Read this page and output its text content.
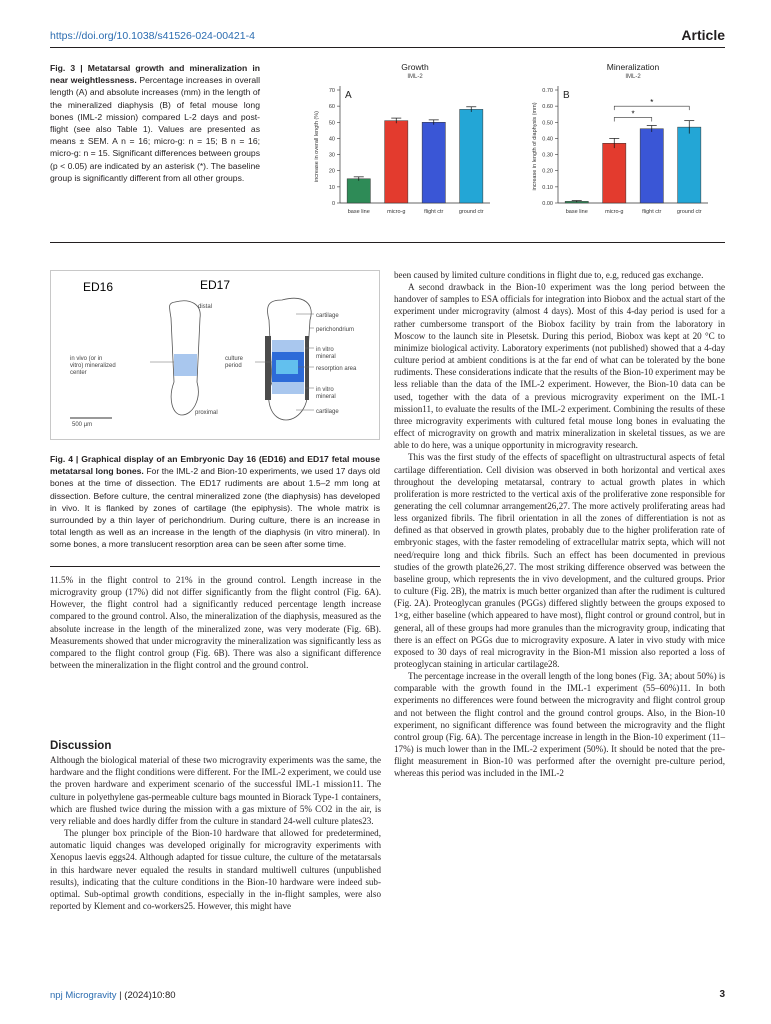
https://doi.org/10.1038/s41526-024-00421-4	Article
Fig. 3 | Metatarsal growth and mineralization in near weightlessness. Percentage increases in overall length (A) and absolute increases (mm) in the length of the mineralized diaphysis (B) of fetal mouse long bones (IML-2 mission) compared L-2 days and post-flight (see also Table 1). Values are presented as means ± SEM. A n = 16; micro-g: n = 15; B n = 16; micro-g: n = 15. Significant differences between groups (p < 0.05) are indicated by an asterisk (*). The baseline group is significantly different from all other groups.
Growth
IML-2
increase in overall length (%)
0
10
20
30
40
50
60
70 A
base line	micro-g	flight ctr	ground ctr
Mineralization
IML-2
increase in length of diaphysis (mm)
0.00
0.10
0.20
0.30
0.40
0.50
0.60
0.70 B
base line	micro-g	flight ctr	ground ctr
*
*
ED16	ED17
distal
proximal
cartilage
perichondrium
in vitro mineral
resorption area
in vitro mineral
cartilage
in vivo (or in vitro) mineralized center
culture period
500 µm
Fig. 4 | Graphical display of an Embryonic Day 16 (ED16) and ED17 fetal mouse metatarsal long bones. For the IML-2 and Bion-10 experiments, we used 17 days old bones at the time of dissection. The ED17 rudiments are about 1.5–2 mm long at dissection. Before culture, the central mineralized zone (the diaphysis) has developed in vivo. It is flanked by zones of cartilage (the epiphysis). The whole matrix is surrounded by a thin layer of perichondrium. During culture, there is an increase in total length as well as an increase in the length of the diaphysis (in vitro mineral). In some bones, a more translucent resorption area can be seen after some time.

11.5% in the flight control to 21% in the ground control. Length increase in the microgravity group (17%) did not differ significantly from the flight control (Fig. 6A). However, the flight control had a significantly reduced percentage length increase compared to the ground control. Also, the mineralization of the diaphysis, measured as the absolute increase in the length of the mineralized zone, was very moderate (Fig. 6B). Measurements showed that under microgravity the mineralization was significantly less as compared to the flight control group (Fig. 6B). There was also a significant difference between the mineralization in the flight control and the ground control.

Discussion

Although the biological material of these two microgravity experiments was the same, the hardware and the flight conditions were different. For the IML-2 experiment, we could use the proven hardware and experiment scenario of the successful IML-1 mission11. The culture in polyethylene gas-permeable culture bags mounted in Biorack Type-1 containers, which are flushed twice during the mission with a gas mixture of 5% CO2 in the air, is very reliable and does hardly differ from the culture in standard 24-well culture plates23.

The plunger box principle of the Bion-10 hardware that allowed for predetermined, automatic liquid changes was developed originally for microgravity experiments with Xenopus laevis eggs24. Although adapted for tissue culture, the culture of the metatarsals in this hardware never equaled the results in standard multiwell cultures (unpublished results), indicating that the culture conditions in the Bion-10 hardware were indeed sub-optimal. Sub-optimal growth conditions, especially in the in-flight samples, were also reported by Klement and co-workers25. However, this might have

been caused by limited culture conditions in flight due to, e.g, reduced gas exchange.

A second drawback in the Bion-10 experiment was the long period between the handover of samples to ESA officials for integration into Biobox and the actual start of the experiment under microgravity (almost 4 days). Most of this 4-day period is used for a rather cumbersome transport of the Biobox facility by train from the laboratory in Moscow to the launch site in Plesetsk. During this period, Biobox was kept at 20 °C to minimize biological activity. Laboratory experiments (not published) showed that a 4-day culture period at ambient conditions is at the far end of what can be tolerated by the bone rudiments. These considerations indicate that the results of the Bion-10 experiment may be less reliable than the data of the IML-2 experiment. However, the Bion-10 data can be used, together with the data of a previous microgravity experiment on the IML-1 mission11, to evaluate the results of the IML-2 experiment. Combining the results of these three microgravity experiments with cultured fetal mouse long bones in evaluating the effect of microgravity on growth and matrix mineralization in skeletal tissues, as we are able to do here, was a unique opportunity in microgravity research.

This was the first study of the effects of spaceflight on ultrastructural aspects of fetal cartilage differentiation. Cell division was observed in both horizontal and vertical axes throughout the developing metatarsal, contrary to actual growth plates in which proliferation is more restricted to the vertical axis of the proliferative zone responsible for generating the cell columnar arrangement26,27. The more actively proliferating areas had less organized fibrils. The fibril orientation in all the zones of differentiation is not as defined as that observed in growth plates, probably due to the higher proliferation rate of embryonic stages, with the faster remodeling of extracellular matrix septa, which will not need/require long and thick fibrils. Such an effect has been documented in previous studies of the growth plate26,27. The most striking difference observed was between the baseline group, which represents the in vivo development, and the cultured groups. Prior to culture (Fig. 2B), the matrix is much better organized than after the rudiment is cultured (Fig. 2A). Proteoglycan granules (PGGs) differed slightly between the groups exposed to 1×g, either baseline (which appeared to have most), flight control or ground control, but in general, all of these groups had more granules than the microgravity group, indicating that there is an effect on PGGs due to microgravity exposure. A later in vivo study with mice exposed to 30 days of real microgravity in the Bion-M1 mission also reported a loss of proteoglycan staining in articular cartilage28.

The percentage increase in the overall length of the long bones (Fig. 3A; about 50%) is comparable with the growth found in the IML-1 experiment (55–60%)11. In both experiments no differences were found between the microgravity and flight control group and not between the flight control and the ground control groups. Also, in the Bion-10 experiment, no significant difference was found between the microgravity and the flight control group (Fig. 6A). The percentage increase in length in the Bion-10 experiment (11–17%) is much lower than in the IML-2 experiment (50%). It should be noted that the pre-flight measurement in Bion-10 was performed after the overnight pre-culture period, whereas this period was included in the IML-2

npj Microgravity | (2024)10:80	3
